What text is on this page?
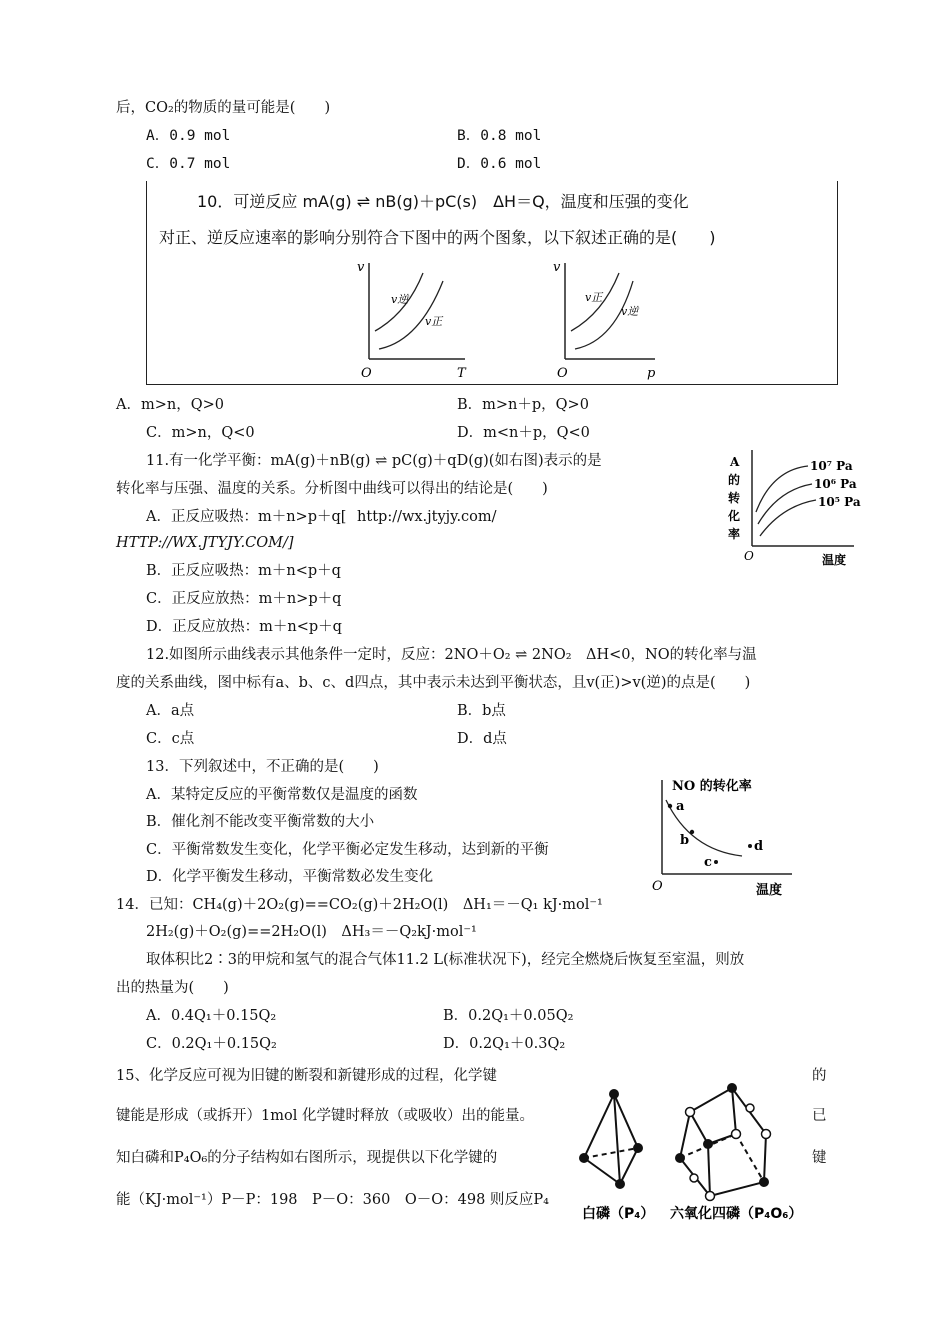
后，CO₂的物质的量可能是(　　)
A．0.9 mol	B．0.8 mol
C．0.7 mol	D．0.6 mol
10．可逆反应 mA(g) ⇌ nB(g)＋pC(s)　ΔH＝Q，温度和压强的变化
对正、逆反应速率的影响分别符合下图中的两个图象，以下叙述正确的是(　　)
v
O	T
v逆
v正
v
O	p
v正
v逆
A．m>n，Q>0	B．m>n＋p，Q>0
C．m>n，Q<0	D．m<n＋p，Q<0
11.有一化学平衡：mA(g)＋nB(g) ⇌ pC(g)＋qD(g)(如右图)表示的是
转化率与压强、温度的关系。分析图中曲线可以得出的结论是(　　)
A．正反应吸热：m＋n>p＋q[ http://wx.jtyjy.com/
HTTP://WX.JTYJY.COM/]
B．正反应吸热：m＋n<p＋q
C．正反应放热：m＋n>p＋q
D．正反应放热：m＋n<p＋q
A
的
转
化
率
10⁷ Pa
10⁶ Pa
10⁵ Pa
温度
O
12.如图所示曲线表示其他条件一定时，反应：2NO＋O₂ ⇌ 2NO₂　ΔH<0，NO的转化率与温
度的关系曲线，图中标有a、b、c、d四点，其中表示未达到平衡状态，且v(正)>v(逆)的点是(　　)
A．a点	B．b点
C．c点	D．d点
13．下列叙述中，不正确的是(　　)
A．某特定反应的平衡常数仅是温度的函数
B．催化剂不能改变平衡常数的大小
C．平衡常数发生变化，化学平衡必定发生移动，达到新的平衡
D．化学平衡发生移动，平衡常数必发生变化
NO 的转化率
a
b
c
d
温度
O
14．已知：CH₄(g)＋2O₂(g)==CO₂(g)＋2H₂O(l)　ΔH₁＝－Q₁ kJ·mol⁻¹
2H₂(g)＋O₂(g)==2H₂O(l)　ΔH₃＝－Q₂kJ·mol⁻¹
取体积比2∶3的甲烷和氢气的混合气体11.2 L(标准状况下)，经完全燃烧后恢复至室温，则放
出的热量为(　　)
A．0.4Q₁＋0.15Q₂	B．0.2Q₁＋0.05Q₂
C．0.2Q₁＋0.15Q₂	D．0.2Q₁＋0.3Q₂
15、化学反应可视为旧键的断裂和新键形成的过程，化学键	的
键能是形成（或拆开）1mol 化学键时释放（或吸收）出的能量。	已
知白磷和P₄O₆的分子结构如右图所示，现提供以下化学键的	键
能（KJ·mol⁻¹）P－P：198　P－O：360　O－O：498 则反应P₄
白磷（P₄） 六氧化四磷（P₄O₆）
